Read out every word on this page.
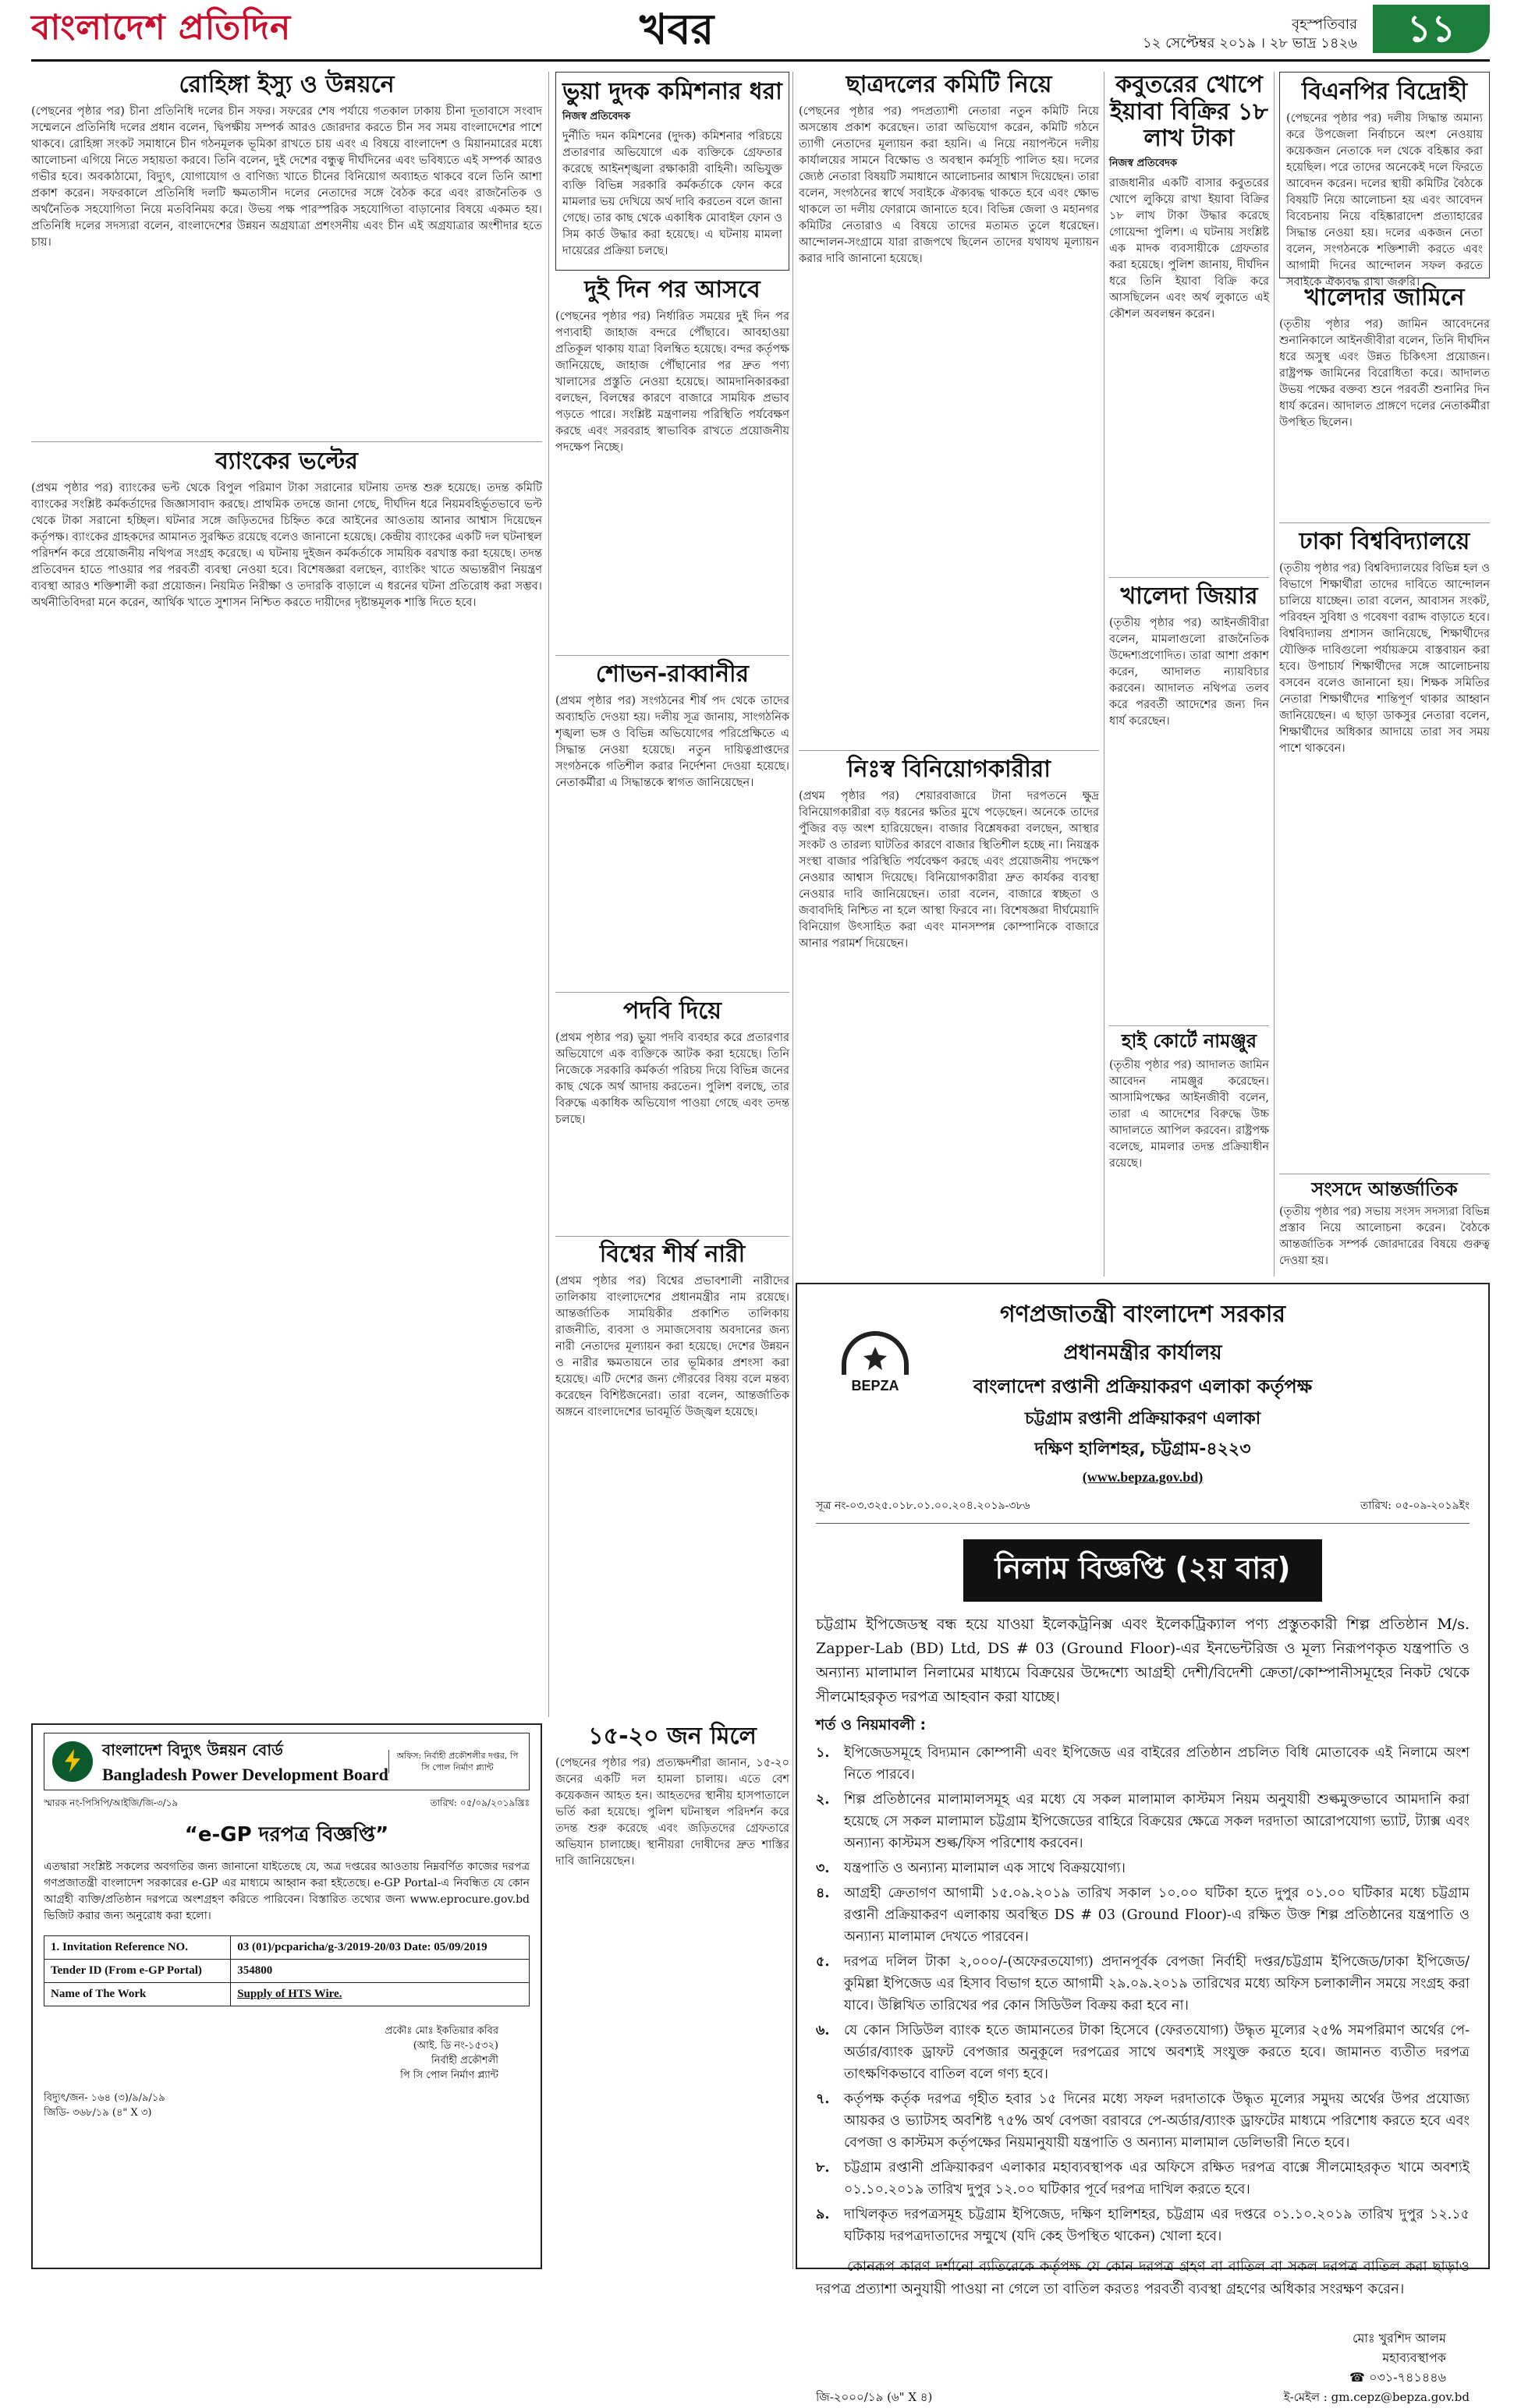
বাংলাদেশ প্রতিদিন	খবর	বৃহস্পতিবার
১২ সেপ্টেম্বর ২০১৯ । ২৮ ভাদ্র ১৪২৬	১১
রোহিঙ্গা ইস্যু ও উন্নয়নে
(পেছনের পৃষ্ঠার পর) চীনা প্রতিনিধি দলের চীন সফর। সফরের শেষ পর্যায়ে গতকাল ঢাকায় চীনা দূতাবাসে সংবাদ সম্মেলনে প্রতিনিধি দলের প্রধান বলেন, দ্বিপক্ষীয় সম্পর্ক আরও জোরদার করতে চীন সব সময় বাংলাদেশের পাশে থাকবে। রোহিঙ্গা সংকট সমাধানে চীন গঠনমূলক ভূমিকা রাখতে চায় এবং এ বিষয়ে বাংলাদেশ ও মিয়ানমারের মধ্যে আলোচনা এগিয়ে নিতে সহায়তা করবে। তিনি বলেন, দুই দেশের বন্ধুত্ব দীর্ঘদিনের এবং ভবিষ্যতে এই সম্পর্ক আরও গভীর হবে। অবকাঠামো, বিদ্যুৎ, যোগাযোগ ও বাণিজ্য খাতে চীনের বিনিয়োগ অব্যাহত থাকবে বলে তিনি আশা প্রকাশ করেন। সফরকালে প্রতিনিধি দলটি ক্ষমতাসীন দলের নেতাদের সঙ্গে বৈঠক করে এবং রাজনৈতিক ও অর্থনৈতিক সহযোগিতা নিয়ে মতবিনিময় করে। উভয় পক্ষ পারস্পরিক সহযোগিতা বাড়ানোর বিষয়ে একমত হয়। প্রতিনিধি দলের সদস্যরা বলেন, বাংলাদেশের উন্নয়ন অগ্রযাত্রা প্রশংসনীয় এবং চীন এই অগ্রযাত্রার অংশীদার হতে চায়।
ব্যাংকের ভল্টের
(প্রথম পৃষ্ঠার পর) ব্যাংকের ভল্ট থেকে বিপুল পরিমাণ টাকা সরানোর ঘটনায় তদন্ত শুরু হয়েছে। তদন্ত কমিটি ব্যাংকের সংশ্লিষ্ট কর্মকর্তাদের জিজ্ঞাসাবাদ করছে। প্রাথমিক তদন্তে জানা গেছে, দীর্ঘদিন ধরে নিয়মবহির্ভূতভাবে ভল্ট থেকে টাকা সরানো হচ্ছিল। ঘটনার সঙ্গে জড়িতদের চিহ্নিত করে আইনের আওতায় আনার আশ্বাস দিয়েছেন কর্তৃপক্ষ। ব্যাংকের গ্রাহকদের আমানত সুরক্ষিত রয়েছে বলেও জানানো হয়েছে। কেন্দ্রীয় ব্যাংকের একটি দল ঘটনাস্থল পরিদর্শন করে প্রয়োজনীয় নথিপত্র সংগ্রহ করেছে। এ ঘটনায় দুইজন কর্মকর্তাকে সাময়িক বরখাস্ত করা হয়েছে। তদন্ত প্রতিবেদন হাতে পাওয়ার পর পরবর্তী ব্যবস্থা নেওয়া হবে। বিশেষজ্ঞরা বলছেন, ব্যাংকিং খাতে অভ্যন্তরীণ নিয়ন্ত্রণ ব্যবস্থা আরও শক্তিশালী করা প্রয়োজন। নিয়মিত নিরীক্ষা ও তদারকি বাড়ালে এ ধরনের ঘটনা প্রতিরোধ করা সম্ভব। অর্থনীতিবিদরা মনে করেন, আর্থিক খাতে সুশাসন নিশ্চিত করতে দায়ীদের দৃষ্টান্তমূলক শাস্তি দিতে হবে।
বাংলাদেশ বিদ্যুৎ উন্নয়ন বোর্ড
Bangladesh Power Development Board
অফিস: নির্বাহী প্রকৌশলীর দপ্তর, পি সি পোল নির্মাণ প্ল্যান্ট
স্মারক নং-পিসিপি/আইজি/জি-৩/১৯	তারিখ: ০৫/০৯/২০১৯খ্রিঃ
“e-GP দরপত্র বিজ্ঞপ্তি”
এতদ্বারা সংশ্লিষ্ট সকলের অবগতির জন্য জানানো যাইতেছে যে, অত্র দপ্তরের আওতায় নিম্নবর্ণিত কাজের দরপত্র গণপ্রজাতন্ত্রী বাংলাদেশ সরকারের e-GP এর মাধ্যমে আহ্বান করা হইতেছে। e-GP Portal-এ নিবন্ধিত যে কোন আগ্রহী ব্যক্তি/প্রতিষ্ঠান দরপত্রে অংশগ্রহণ করিতে পারিবেন। বিস্তারিত তথ্যের জন্য www.eprocure.gov.bd ভিজিট করার জন্য অনুরোধ করা হলো।
1. Invitation Reference NO.	03 (01)/pcparicha/g-3/2019-20/03 Date: 05/09/2019
Tender ID (From e-GP Portal)	354800
Name of The Work	Supply of HTS Wire.
প্রকৌঃ মোঃ ইকতিয়ার কবির
(আই. ডি নং-১৫৩২)
নির্বাহী প্রকৌশলী
পি সি পোল নির্মাণ প্ল্যান্ট
বিদ্যুৎ/জন- ১৬৪ (৩)/৯/৯/১৯
জিডি- ৩৬৮/১৯ (৪" X ৩)
ভুয়া দুদক কমিশনার ধরা
নিজস্ব প্রতিবেদক
দুর্নীতি দমন কমিশনের (দুদক) কমিশনার পরিচয়ে প্রতারণার অভিযোগে এক ব্যক্তিকে গ্রেফতার করেছে আইনশৃঙ্খলা রক্ষাকারী বাহিনী। অভিযুক্ত ব্যক্তি বিভিন্ন সরকারি কর্মকর্তাকে ফোন করে মামলার ভয় দেখিয়ে অর্থ দাবি করতেন বলে জানা গেছে। তার কাছ থেকে একাধিক মোবাইল ফোন ও সিম কার্ড উদ্ধার করা হয়েছে। এ ঘটনায় মামলা দায়েরের প্রক্রিয়া চলছে।
দুই দিন পর আসবে
(পেছনের পৃষ্ঠার পর) নির্ধারিত সময়ের দুই দিন পর পণ্যবাহী জাহাজ বন্দরে পৌঁছাবে। আবহাওয়া প্রতিকূল থাকায় যাত্রা বিলম্বিত হয়েছে। বন্দর কর্তৃপক্ষ জানিয়েছে, জাহাজ পৌঁছানোর পর দ্রুত পণ্য খালাসের প্রস্তুতি নেওয়া হয়েছে। আমদানিকারকরা বলছেন, বিলম্বের কারণে বাজারে সাময়িক প্রভাব পড়তে পারে। সংশ্লিষ্ট মন্ত্রণালয় পরিস্থিতি পর্যবেক্ষণ করছে এবং সরবরাহ স্বাভাবিক রাখতে প্রয়োজনীয় পদক্ষেপ নিচ্ছে।
শোভন-রাব্বানীর
(প্রথম পৃষ্ঠার পর) সংগঠনের শীর্ষ পদ থেকে তাদের অব্যাহতি দেওয়া হয়। দলীয় সূত্র জানায়, সাংগঠনিক শৃঙ্খলা ভঙ্গ ও বিভিন্ন অভিযোগের পরিপ্রেক্ষিতে এ সিদ্ধান্ত নেওয়া হয়েছে। নতুন দায়িত্বপ্রাপ্তদের সংগঠনকে গতিশীল করার নির্দেশনা দেওয়া হয়েছে। নেতাকর্মীরা এ সিদ্ধান্তকে স্বাগত জানিয়েছেন।
পদবি দিয়ে
(প্রথম পৃষ্ঠার পর) ভুয়া পদবি ব্যবহার করে প্রতারণার অভিযোগে এক ব্যক্তিকে আটক করা হয়েছে। তিনি নিজেকে সরকারি কর্মকর্তা পরিচয় দিয়ে বিভিন্ন জনের কাছ থেকে অর্থ আদায় করতেন। পুলিশ বলছে, তার বিরুদ্ধে একাধিক অভিযোগ পাওয়া গেছে এবং তদন্ত চলছে।
বিশ্বের শীর্ষ নারী
(প্রথম পৃষ্ঠার পর) বিশ্বের প্রভাবশালী নারীদের তালিকায় বাংলাদেশের প্রধানমন্ত্রীর নাম রয়েছে। আন্তর্জাতিক সাময়িকীর প্রকাশিত তালিকায় রাজনীতি, ব্যবসা ও সমাজসেবায় অবদানের জন্য নারী নেতাদের মূল্যায়ন করা হয়েছে। দেশের উন্নয়ন ও নারীর ক্ষমতায়নে তার ভূমিকার প্রশংসা করা হয়েছে। এটি দেশের জন্য গৌরবের বিষয় বলে মন্তব্য করেছেন বিশিষ্টজনেরা। তারা বলেন, আন্তর্জাতিক অঙ্গনে বাংলাদেশের ভাবমূর্তি উজ্জ্বল হয়েছে।
ছাত্রদলের কমিটি নিয়ে
(পেছনের পৃষ্ঠার পর) পদপ্রত্যাশী নেতারা নতুন কমিটি নিয়ে অসন্তোষ প্রকাশ করেছেন। তারা অভিযোগ করেন, কমিটি গঠনে ত্যাগী নেতাদের মূল্যায়ন করা হয়নি। এ নিয়ে নয়াপল্টনে দলীয় কার্যালয়ের সামনে বিক্ষোভ ও অবস্থান কর্মসূচি পালিত হয়। দলের জ্যেষ্ঠ নেতারা বিষয়টি সমাধানে আলোচনার আশ্বাস দিয়েছেন। তারা বলেন, সংগঠনের স্বার্থে সবাইকে ঐক্যবদ্ধ থাকতে হবে এবং ক্ষোভ থাকলে তা দলীয় ফোরামে জানাতে হবে। বিভিন্ন জেলা ও মহানগর কমিটির নেতারাও এ বিষয়ে তাদের মতামত তুলে ধরেছেন। আন্দোলন-সংগ্রামে যারা রাজপথে ছিলেন তাদের যথাযথ মূল্যায়ন করার দাবি জানানো হয়েছে।
নিঃস্ব বিনিয়োগকারীরা
(প্রথম পৃষ্ঠার পর) শেয়ারবাজারে টানা দরপতনে ক্ষুদ্র বিনিয়োগকারীরা বড় ধরনের ক্ষতির মুখে পড়েছেন। অনেকে তাদের পুঁজির বড় অংশ হারিয়েছেন। বাজার বিশ্লেষকরা বলছেন, আস্থার সংকট ও তারল্য ঘাটতির কারণে বাজার স্থিতিশীল হচ্ছে না। নিয়ন্ত্রক সংস্থা বাজার পরিস্থিতি পর্যবেক্ষণ করছে এবং প্রয়োজনীয় পদক্ষেপ নেওয়ার আশ্বাস দিয়েছে। বিনিয়োগকারীরা দ্রুত কার্যকর ব্যবস্থা নেওয়ার দাবি জানিয়েছেন। তারা বলেন, বাজারে স্বচ্ছতা ও জবাবদিহি নিশ্চিত না হলে আস্থা ফিরবে না। বিশেষজ্ঞরা দীর্ঘমেয়াদি বিনিয়োগ উৎসাহিত করা এবং মানসম্পন্ন কোম্পানিকে বাজারে আনার পরামর্শ দিয়েছেন।
কবুতরের খোপে ইয়াবা বিক্রির ১৮ লাখ টাকা
নিজস্ব প্রতিবেদক
রাজধানীর একটি বাসার কবুতরের খোপে লুকিয়ে রাখা ইয়াবা বিক্রির ১৮ লাখ টাকা উদ্ধার করেছে গোয়েন্দা পুলিশ। এ ঘটনায় সংশ্লিষ্ট এক মাদক ব্যবসায়ীকে গ্রেফতার করা হয়েছে। পুলিশ জানায়, দীর্ঘদিন ধরে তিনি ইয়াবা বিক্রি করে আসছিলেন এবং অর্থ লুকাতে এই কৌশল অবলম্বন করেন।
খালেদা জিয়ার
(তৃতীয় পৃষ্ঠার পর) আইনজীবীরা বলেন, মামলাগুলো রাজনৈতিক উদ্দেশ্যপ্রণোদিত। তারা আশা প্রকাশ করেন, আদালত ন্যায়বিচার করবেন। আদালত নথিপত্র তলব করে পরবর্তী আদেশের জন্য দিন ধার্য করেছেন।
হাই কোর্টে নামঞ্জুর
(তৃতীয় পৃষ্ঠার পর) আদালত জামিন আবেদন নামঞ্জুর করেছেন। আসামিপক্ষের আইনজীবী বলেন, তারা এ আদেশের বিরুদ্ধে উচ্চ আদালতে আপিল করবেন। রাষ্ট্রপক্ষ বলেছে, মামলার তদন্ত প্রক্রিয়াধীন রয়েছে।
বিএনপির বিদ্রোহী
(পেছনের পৃষ্ঠার পর) দলীয় সিদ্ধান্ত অমান্য করে উপজেলা নির্বাচনে অংশ নেওয়ায় কয়েকজন নেতাকে দল থেকে বহিষ্কার করা হয়েছিল। পরে তাদের অনেকেই দলে ফিরতে আবেদন করেন। দলের স্থায়ী কমিটির বৈঠকে বিষয়টি নিয়ে আলোচনা হয় এবং আবেদন বিবেচনায় নিয়ে বহিষ্কারাদেশ প্রত্যাহারের সিদ্ধান্ত নেওয়া হয়। দলের একজন নেতা বলেন, সংগঠনকে শক্তিশালী করতে এবং আগামী দিনের আন্দোলন সফল করতে সবাইকে ঐক্যবদ্ধ রাখা জরুরি।
খালেদার জামিনে
(তৃতীয় পৃষ্ঠার পর) জামিন আবেদনের শুনানিকালে আইনজীবীরা বলেন, তিনি দীর্ঘদিন ধরে অসুস্থ এবং উন্নত চিকিৎসা প্রয়োজন। রাষ্ট্রপক্ষ জামিনের বিরোধিতা করে। আদালত উভয় পক্ষের বক্তব্য শুনে পরবর্তী শুনানির দিন ধার্য করেন। আদালত প্রাঙ্গণে দলের নেতাকর্মীরা উপস্থিত ছিলেন।
ঢাকা বিশ্ববিদ্যালয়ে
(তৃতীয় পৃষ্ঠার পর) বিশ্ববিদ্যালয়ের বিভিন্ন হল ও বিভাগে শিক্ষার্থীরা তাদের দাবিতে আন্দোলন চালিয়ে যাচ্ছেন। তারা বলেন, আবাসন সংকট, পরিবহন সুবিধা ও গবেষণা বরাদ্দ বাড়াতে হবে। বিশ্ববিদ্যালয় প্রশাসন জানিয়েছে, শিক্ষার্থীদের যৌক্তিক দাবিগুলো পর্যায়ক্রমে বাস্তবায়ন করা হবে। উপাচার্য শিক্ষার্থীদের সঙ্গে আলোচনায় বসবেন বলেও জানানো হয়। শিক্ষক সমিতির নেতারা শিক্ষার্থীদের শান্তিপূর্ণ থাকার আহ্বান জানিয়েছেন। এ ছাড়া ডাকসুর নেতারা বলেন, শিক্ষার্থীদের অধিকার আদায়ে তারা সব সময় পাশে থাকবেন।
সংসদে আন্তর্জাতিক
(তৃতীয় পৃষ্ঠার পর) সভায় সংসদ সদস্যরা বিভিন্ন প্রস্তাব নিয়ে আলোচনা করেন। বৈঠকে আন্তর্জাতিক সম্পর্ক জোরদারের বিষয়ে গুরুত্ব দেওয়া হয়।
১৫-২০ জন মিলে
(পেছনের পৃষ্ঠার পর) প্রত্যক্ষদর্শীরা জানান, ১৫-২০ জনের একটি দল হামলা চালায়। এতে বেশ কয়েকজন আহত হন। আহতদের স্থানীয় হাসপাতালে ভর্তি করা হয়েছে। পুলিশ ঘটনাস্থল পরিদর্শন করে তদন্ত শুরু করেছে এবং জড়িতদের গ্রেফতারে অভিযান চালাচ্ছে। স্থানীয়রা দোষীদের দ্রুত শাস্তির দাবি জানিয়েছেন।
BEPZA
গণপ্রজাতন্ত্রী বাংলাদেশ সরকার
প্রধানমন্ত্রীর কার্যালয়
বাংলাদেশ রপ্তানী প্রক্রিয়াকরণ এলাকা কর্তৃপক্ষ
চট্টগ্রাম রপ্তানী প্রক্রিয়াকরণ এলাকা
দক্ষিণ হালিশহর, চট্টগ্রাম-৪২২৩
(www.bepza.gov.bd)
সূত্র নং-০৩.৩২৫.০১৮.০১.০০.২০৪.২০১৯-৩৮৬	তারিখ: ০৫-০৯-২০১৯ইং
নিলাম বিজ্ঞপ্তি (২য় বার)
চট্টগ্রাম ইপিজেডস্থ বন্ধ হয়ে যাওয়া ইলেকট্রনিক্স এবং ইলেকট্রিক্যাল পণ্য প্রস্তুতকারী শিল্প প্রতিষ্ঠান M/s. Zapper-Lab (BD) Ltd, DS # 03 (Ground Floor)-এর ইনভেন্টরিজ ও মূল্য নিরূপণকৃত যন্ত্রপাতি ও অন্যান্য মালামাল নিলামের মাধ্যমে বিক্রয়ের উদ্দেশ্যে আগ্রহী দেশী/বিদেশী ক্রেতা/কোম্পানীসমূহের নিকট থেকে সীলমোহরকৃত দরপত্র আহবান করা যাচ্ছে।
শর্ত ও নিয়মাবলী :
১.	ইপিজেডসমূহে বিদ্যমান কোম্পানী এবং ইপিজেড এর বাইরের প্রতিষ্ঠান প্রচলিত বিধি মোতাবেক এই নিলামে অংশ নিতে পারবে।
২.	শিল্প প্রতিষ্ঠানের মালামালসমূহ এর মধ্যে যে সকল মালামাল কাস্টমস নিয়ম অনুযায়ী শুল্কমুক্তভাবে আমদানি করা হয়েছে সে সকল মালামাল চট্টগ্রাম ইপিজেডের বাহিরে বিক্রয়ের ক্ষেত্রে সকল দরদাতা আরোপযোগ্য ভ্যাট, ট্যাক্স এবং অন্যান্য কাস্টমস শুল্ক/ফিস পরিশোধ করবেন।
৩.	যন্ত্রপাতি ও অন্যান্য মালামাল এক সাথে বিক্রয়যোগ্য।
৪.	আগ্রহী ক্রেতাগণ আগামী ১৫.০৯.২০১৯ তারিখ সকাল ১০.০০ ঘটিকা হতে দুপুর ০১.০০ ঘটিকার মধ্যে চট্টগ্রাম রপ্তানী প্রক্রিয়াকরণ এলাকায় অবস্থিত DS # 03 (Ground Floor)-এ রক্ষিত উক্ত শিল্প প্রতিষ্ঠানের যন্ত্রপাতি ও অন্যান্য মালামাল দেখতে পারবেন।
৫.	দরপত্র দলিল টাকা ২,০০০/-(অফেরতযোগ্য) প্রদানপূর্বক বেপজা নির্বাহী দপ্তর/চট্টগ্রাম ইপিজেড/ঢাকা ইপিজেড/কুমিল্লা ইপিজেড এর হিসাব বিভাগ হতে আগামী ২৯.০৯.২০১৯ তারিখের মধ্যে অফিস চলাকালীন সময়ে সংগ্রহ করা যাবে। উল্লিখিত তারিখের পর কোন সিডিউল বিক্রয় করা হবে না।
৬.	যে কোন সিডিউল ব্যাংক হতে জামানতের টাকা হিসেবে (ফেরতযোগ্য) উদ্ধৃত মূল্যের ২৫% সমপরিমাণ অর্থের পে-অর্ডার/ব্যাংক ড্রাফট বেপজার অনুকূলে দরপত্রের সাথে অবশ্যই সংযুক্ত করতে হবে। জামানত ব্যতীত দরপত্র তাৎক্ষণিকভাবে বাতিল বলে গণ্য হবে।
৭.	কর্তৃপক্ষ কর্তৃক দরপত্র গৃহীত হবার ১৫ দিনের মধ্যে সফল দরদাতাকে উদ্ধৃত মূল্যের সমুদয় অর্থের উপর প্রযোজ্য আয়কর ও ভ্যাটসহ অবশিষ্ট ৭৫% অর্থ বেপজা বরাবরে পে-অর্ডার/ব্যাংক ড্রাফটের মাধ্যমে পরিশোধ করতে হবে এবং বেপজা ও কাস্টমস কর্তৃপক্ষের নিয়মানুযায়ী যন্ত্রপাতি ও অন্যান্য মালামাল ডেলিভারী নিতে হবে।
৮.	চট্টগ্রাম রপ্তানী প্রক্রিয়াকরণ এলাকার মহাব্যবস্থাপক এর অফিসে রক্ষিত দরপত্র বাক্সে সীলমোহরকৃত খামে অবশ্যই ০১.১০.২০১৯ তারিখ দুপুর ১২.০০ ঘটিকার পূর্বে দরপত্র দাখিল করতে হবে।
৯.	দাখিলকৃত দরপত্রসমূহ চট্টগ্রাম ইপিজেড, দক্ষিণ হালিশহর, চট্টগ্রাম এর দপ্তরে ০১.১০.২০১৯ তারিখ দুপুর ১২.১৫ ঘটিকায় দরপত্রদাতাদের সম্মুখে (যদি কেহ উপস্থিত থাকেন) খোলা হবে।
কোনরূপ কারণ দর্শানো ব্যতিরেকে কর্তৃপক্ষ যে কোন দরপত্র গ্রহণ বা বাতিল বা সকল দরপত্র বাতিল করা ছাড়াও দরপত্র প্রত্যাশা অনুযায়ী পাওয়া না গেলে তা বাতিল করতঃ পরবর্তী ব্যবস্থা গ্রহণের অধিকার সংরক্ষণ করেন।
মোঃ খুরশিদ আলম
মহাব্যবস্থাপক
☎ ০৩১-৭৪১৪৪৬
জি-২০০০/১৯ (৬" X ৪)	ই-মেইল : gm.cepz@bepza.gov.bd
